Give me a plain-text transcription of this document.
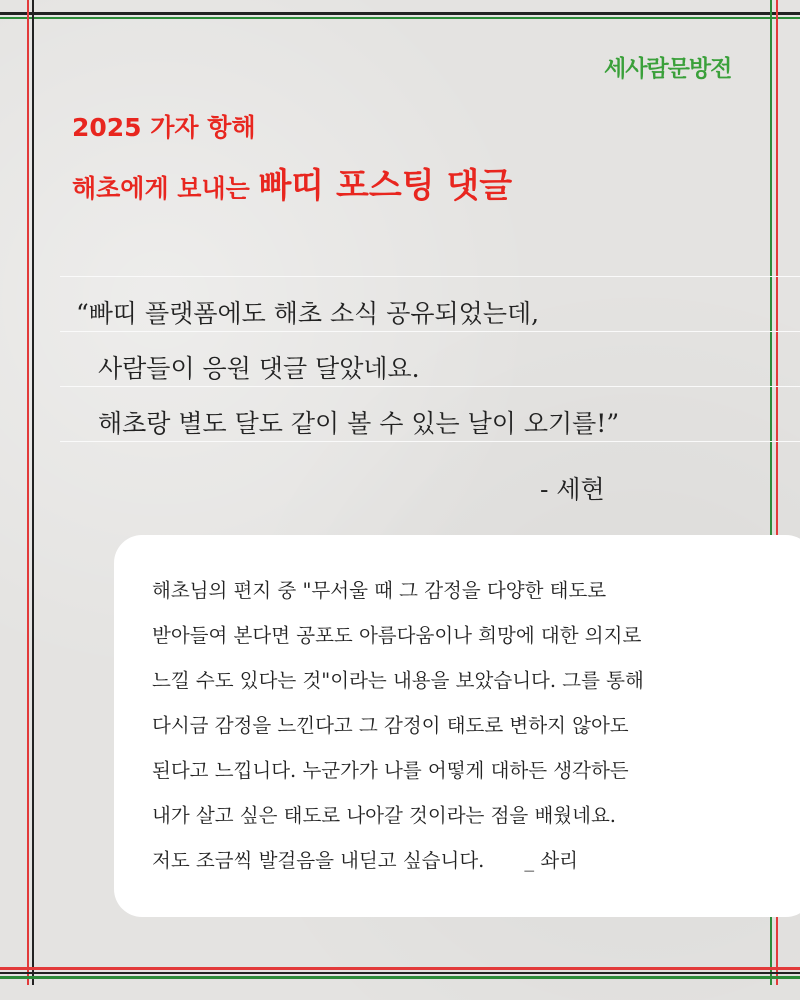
세사람문방전
2025 가자 항해
해초에게 보내는 빠띠 포스팅 댓글
“빠띠 플랫폼에도 해초 소식 공유되었는데,
사람들이 응원 댓글 달았네요.
해초랑 별도 달도 같이 볼 수 있는 날이 오기를!”
- 세현
해초님의 편지 중 "무서울 때 그 감정을 다양한 태도로
받아들여 본다면 공포도 아름다움이나 희망에 대한 의지로
느낄 수도 있다는 것"이라는 내용을 보았습니다. 그를 통해
다시금 감정을 느낀다고 그 감정이 태도로 변하지 않아도
된다고 느낍니다. 누군가가 나를 어떻게 대하든 생각하든
내가 살고 싶은 태도로 나아갈 것이라는 점을 배웠네요.
저도 조금씩 발걸음을 내딛고 싶습니다. _ 솨리
